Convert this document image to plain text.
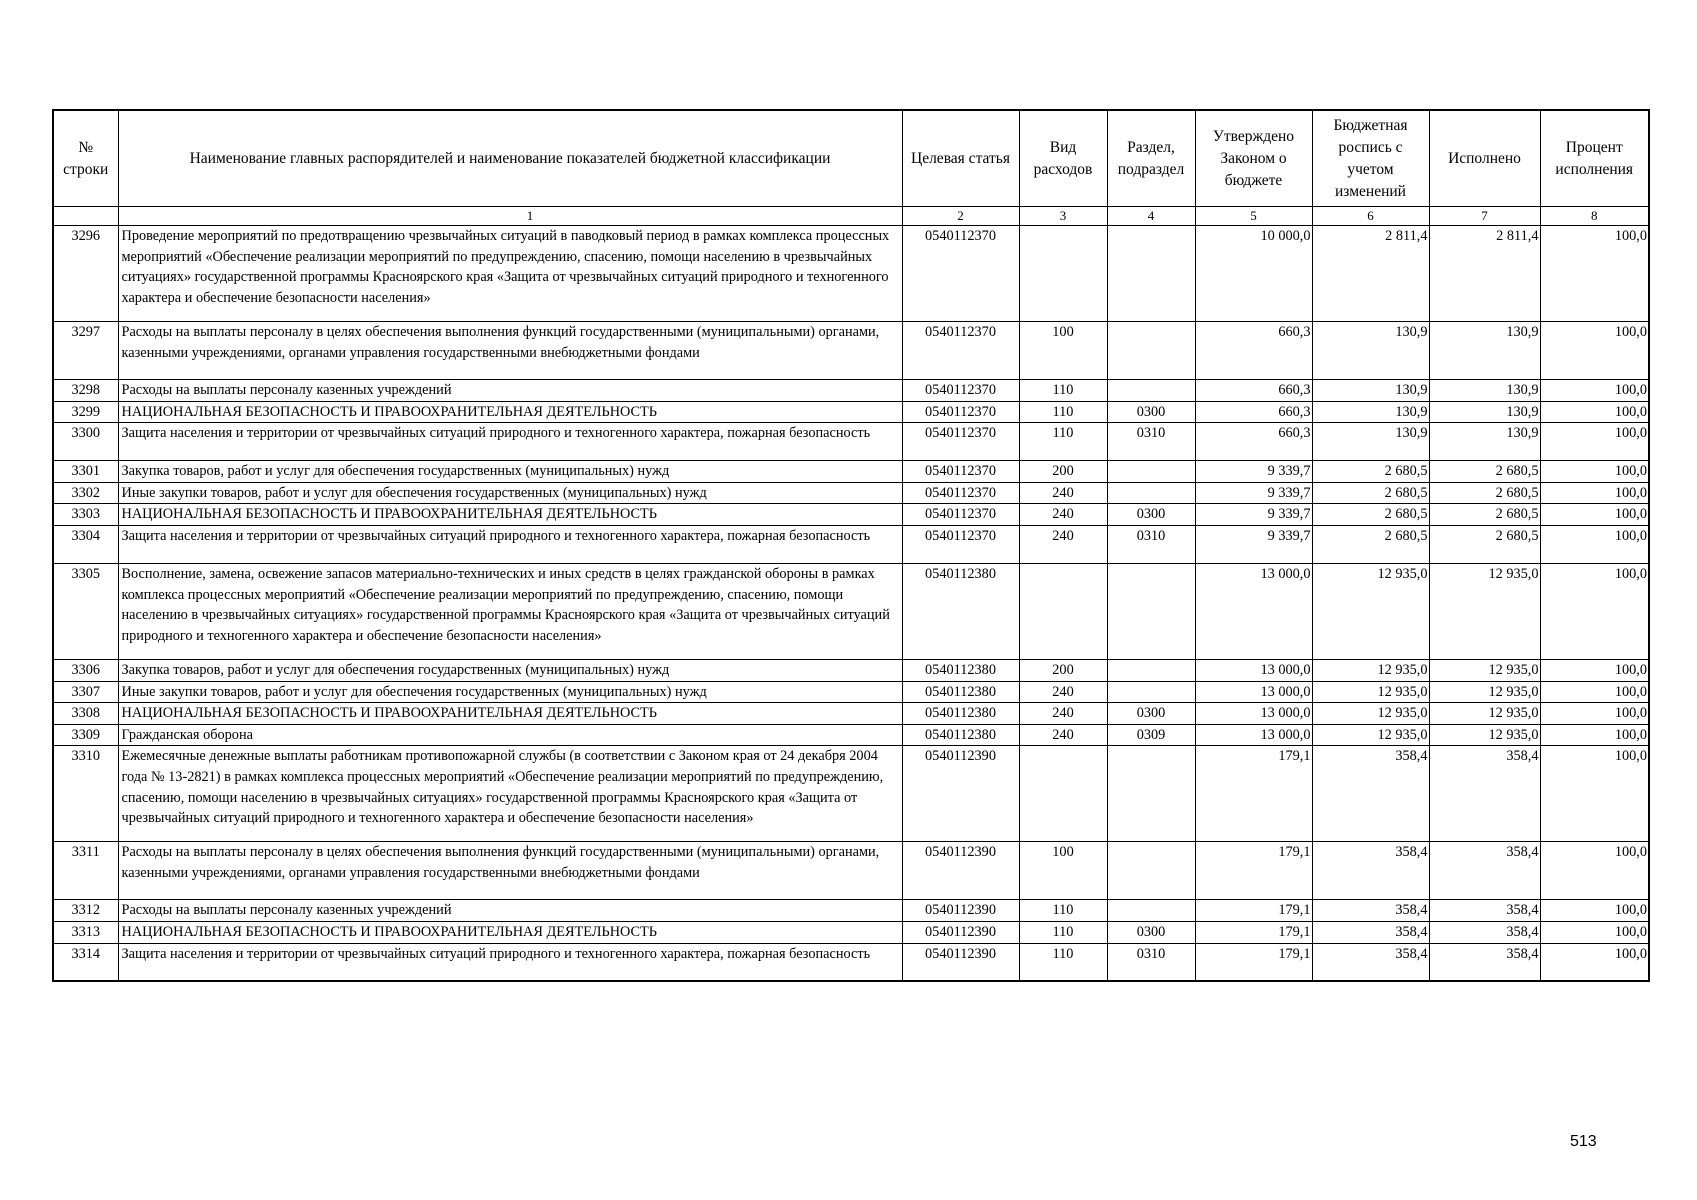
№ строки	Наименование главных распорядителей и наименование показателей бюджетной классификации	Целевая статья	Вид расходов	Раздел, подраздел	Утверждено Законом о бюджете	Бюджетная роспись с учетом изменений	Исполнено	Процент исполнения
	1	2	3	4	5	6	7	8
3296	Проведение мероприятий по предотвращению чрезвычайных ситуаций в паводковый период в рамках комплекса процессных мероприятий «Обеспечение реализации мероприятий по предупреждению, спасению, помощи населению в чрезвычайных ситуациях» государственной программы Красноярского края «Защита от чрезвычайных ситуаций природного и техногенного характера и обеспечение безопасности населения»	0540112370			10 000,0	2 811,4	2 811,4	100,0
3297	Расходы на выплаты персоналу в целях обеспечения выполнения функций государственными (муниципальными) органами, казенными учреждениями, органами управления государственными внебюджетными фондами	0540112370	100		660,3	130,9	130,9	100,0
3298	Расходы на выплаты персоналу казенных учреждений	0540112370	110		660,3	130,9	130,9	100,0
3299	НАЦИОНАЛЬНАЯ БЕЗОПАСНОСТЬ И ПРАВООХРАНИТЕЛЬНАЯ ДЕЯТЕЛЬНОСТЬ	0540112370	110	0300	660,3	130,9	130,9	100,0
3300	Защита населения и территории от чрезвычайных ситуаций природного и техногенного характера, пожарная безопасность	0540112370	110	0310	660,3	130,9	130,9	100,0
3301	Закупка товаров, работ и услуг для обеспечения государственных (муниципальных) нужд	0540112370	200		9 339,7	2 680,5	2 680,5	100,0
3302	Иные закупки товаров, работ и услуг для обеспечения государственных (муниципальных) нужд	0540112370	240		9 339,7	2 680,5	2 680,5	100,0
3303	НАЦИОНАЛЬНАЯ БЕЗОПАСНОСТЬ И ПРАВООХРАНИТЕЛЬНАЯ ДЕЯТЕЛЬНОСТЬ	0540112370	240	0300	9 339,7	2 680,5	2 680,5	100,0
3304	Защита населения и территории от чрезвычайных ситуаций природного и техногенного характера, пожарная безопасность	0540112370	240	0310	9 339,7	2 680,5	2 680,5	100,0
3305	Восполнение, замена, освежение запасов материально-технических и иных средств в целях гражданской обороны в рамках комплекса процессных мероприятий «Обеспечение реализации мероприятий по предупреждению, спасению, помощи населению в чрезвычайных ситуациях» государственной программы Красноярского края «Защита от чрезвычайных ситуаций природного и техногенного характера и обеспечение безопасности населения»	0540112380			13 000,0	12 935,0	12 935,0	100,0
3306	Закупка товаров, работ и услуг для обеспечения государственных (муниципальных) нужд	0540112380	200		13 000,0	12 935,0	12 935,0	100,0
3307	Иные закупки товаров, работ и услуг для обеспечения государственных (муниципальных) нужд	0540112380	240		13 000,0	12 935,0	12 935,0	100,0
3308	НАЦИОНАЛЬНАЯ БЕЗОПАСНОСТЬ И ПРАВООХРАНИТЕЛЬНАЯ ДЕЯТЕЛЬНОСТЬ	0540112380	240	0300	13 000,0	12 935,0	12 935,0	100,0
3309	Гражданская оборона	0540112380	240	0309	13 000,0	12 935,0	12 935,0	100,0
3310	Ежемесячные денежные выплаты работникам противопожарной службы (в соответствии с Законом края от 24 декабря 2004 года № 13-2821) в рамках комплекса процессных мероприятий «Обеспечение реализации мероприятий по предупреждению, спасению, помощи населению в чрезвычайных ситуациях» государственной программы Красноярского края «Защита от чрезвычайных ситуаций природного и техногенного характера и обеспечение безопасности населения»	0540112390			179,1	358,4	358,4	100,0
3311	Расходы на выплаты персоналу в целях обеспечения выполнения функций государственными (муниципальными) органами, казенными учреждениями, органами управления государственными внебюджетными фондами	0540112390	100		179,1	358,4	358,4	100,0
3312	Расходы на выплаты персоналу казенных учреждений	0540112390	110		179,1	358,4	358,4	100,0
3313	НАЦИОНАЛЬНАЯ БЕЗОПАСНОСТЬ И ПРАВООХРАНИТЕЛЬНАЯ ДЕЯТЕЛЬНОСТЬ	0540112390	110	0300	179,1	358,4	358,4	100,0
3314	Защита населения и территории от чрезвычайных ситуаций природного и техногенного характера, пожарная безопасность	0540112390	110	0310	179,1	358,4	358,4	100,0
513
